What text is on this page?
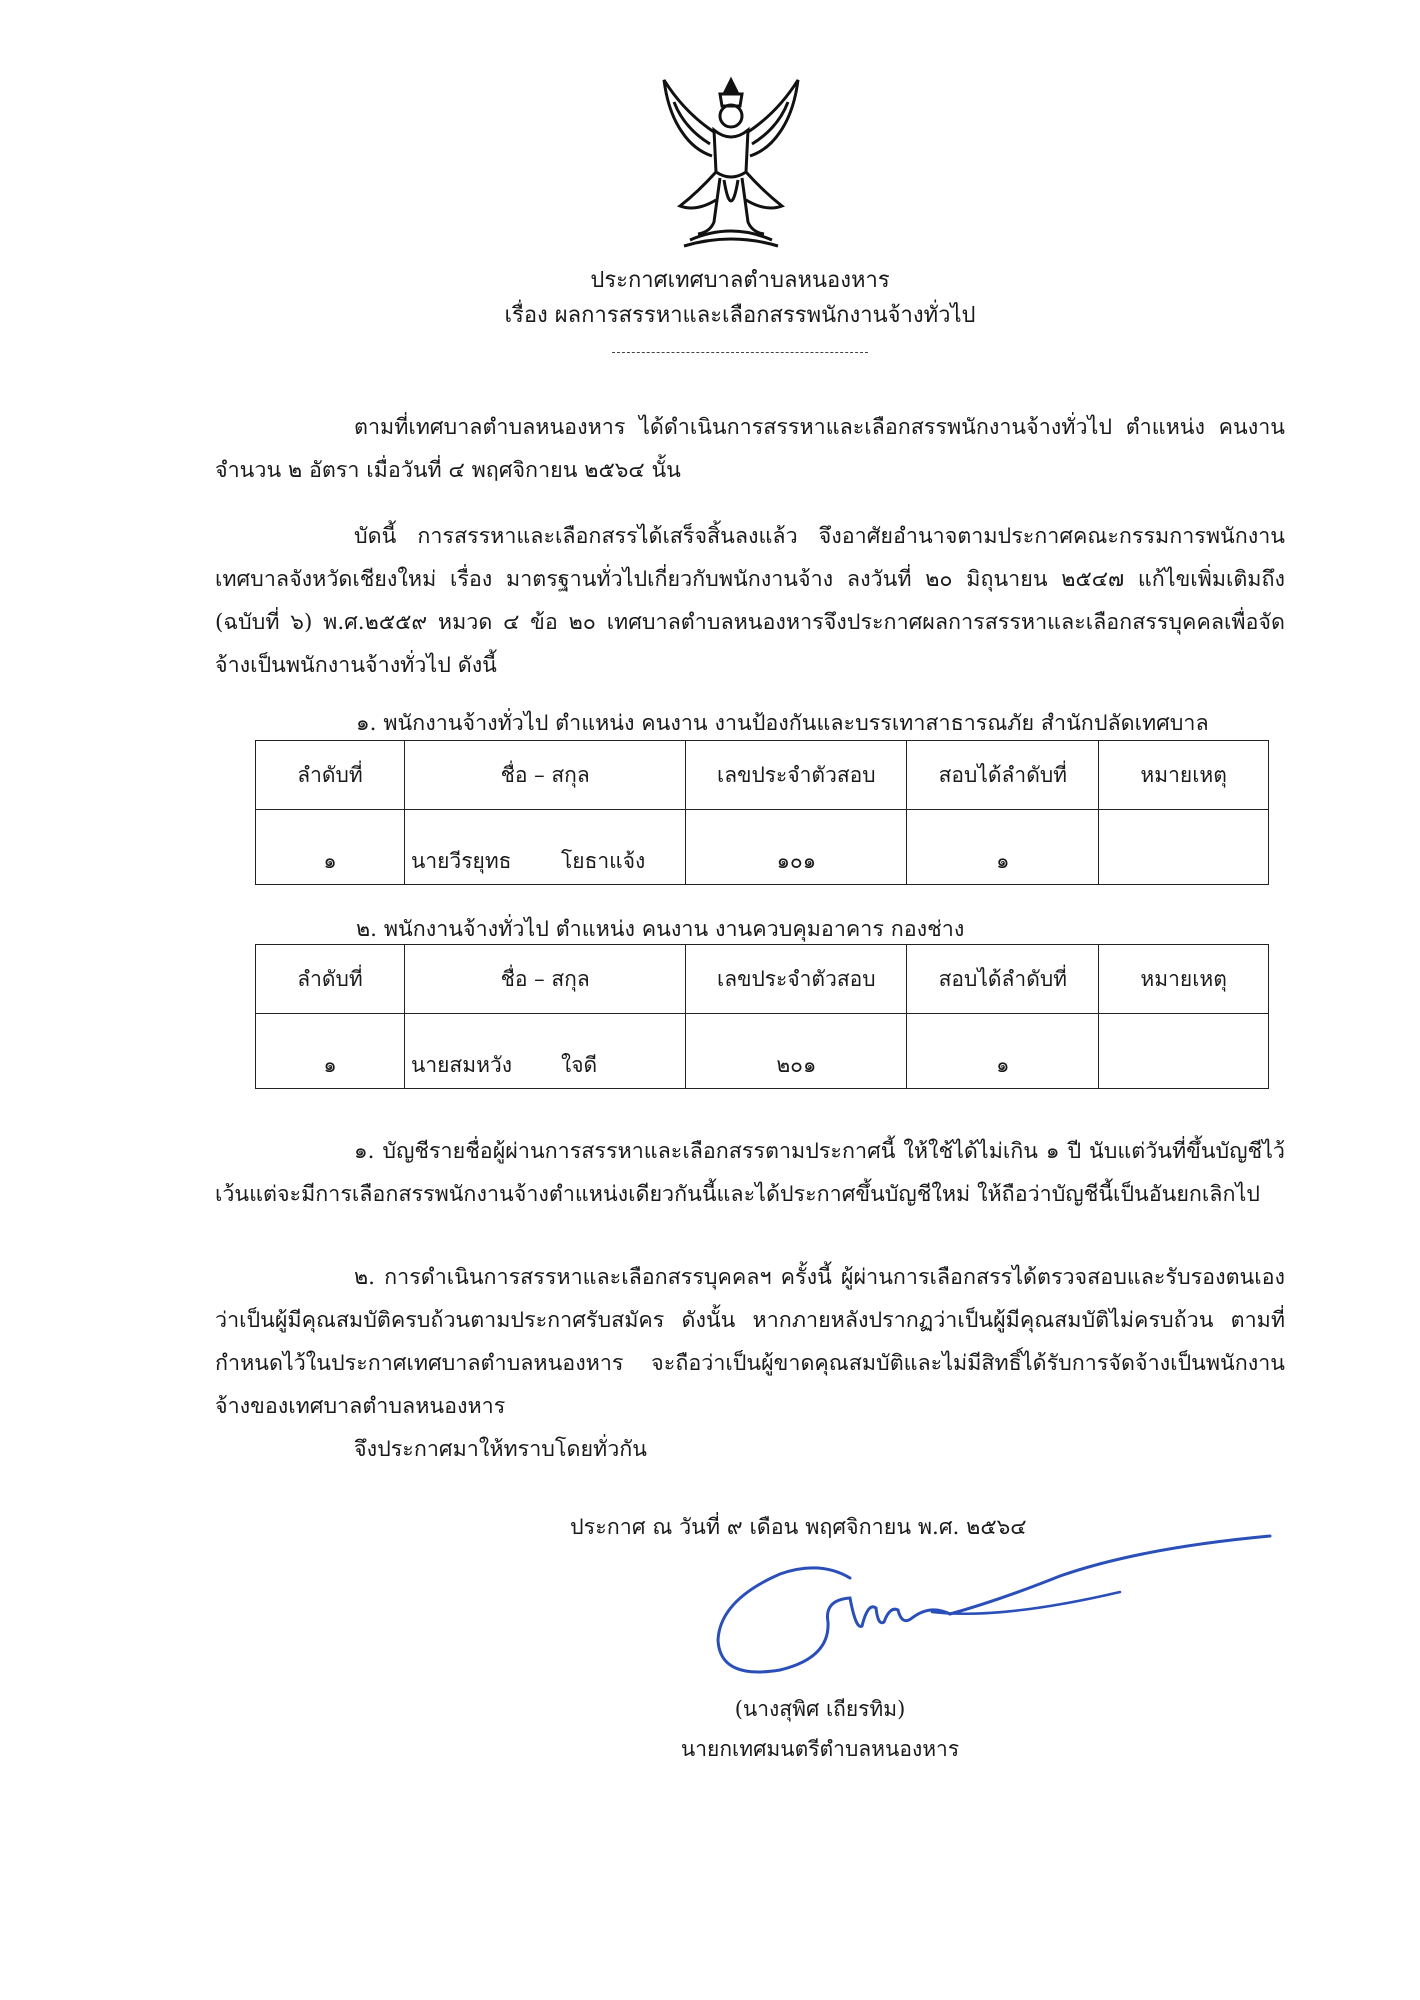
ประกาศเทศบาลตำบลหนองหาร
เรื่อง ผลการสรรหาและเลือกสรรพนักงานจ้างทั่วไป

ตามที่เทศบาลตำบลหนองหาร ได้ดำเนินการสรรหาและเลือกสรรพนักงานจ้างทั่วไป ตำแหน่ง คนงาน จำนวน ๒ อัตรา เมื่อวันที่ ๔ พฤศจิกายน ๒๕๖๔ นั้น

บัดนี้ การสรรหาและเลือกสรรได้เสร็จสิ้นลงแล้ว จึงอาศัยอำนาจตามประกาศคณะกรรมการพนักงานเทศบาลจังหวัดเชียงใหม่ เรื่อง มาตรฐานทั่วไปเกี่ยวกับพนักงานจ้าง ลงวันที่ ๒๐ มิถุนายน ๒๕๔๗ แก้ไขเพิ่มเติมถึง (ฉบับที่ ๖) พ.ศ.๒๕๕๙ หมวด ๔ ข้อ ๒๐ เทศบาลตำบลหนองหารจึงประกาศผลการสรรหาและเลือกสรรบุคคลเพื่อจัดจ้างเป็นพนักงานจ้างทั่วไป ดังนี้

๑. พนักงานจ้างทั่วไป ตำแหน่ง คนงาน งานป้องกันและบรรเทาสาธารณภัย สำนักปลัดเทศบาล
ลำดับที่	ชื่อ – สกุล	เลขประจำตัวสอบ	สอบได้ลำดับที่	หมายเหตุ
๑	นายวีรยุทธ โยธาแจ้ง	๑๐๑	๑	
๒. พนักงานจ้างทั่วไป ตำแหน่ง คนงาน งานควบคุมอาคาร กองช่าง
ลำดับที่	ชื่อ – สกุล	เลขประจำตัวสอบ	สอบได้ลำดับที่	หมายเหตุ
๑	นายสมหวัง ใจดี	๒๐๑	๑	

๑. บัญชีรายชื่อผู้ผ่านการสรรหาและเลือกสรรตามประกาศนี้ ให้ใช้ได้ไม่เกิน ๑ ปี นับแต่วันที่ขึ้นบัญชีไว้ เว้นแต่จะมีการเลือกสรรพนักงานจ้างตำแหน่งเดียวกันนี้และได้ประกาศขึ้นบัญชีใหม่ ให้ถือว่าบัญชีนี้เป็นอันยกเลิกไป

๒. การดำเนินการสรรหาและเลือกสรรบุคคลฯ ครั้งนี้ ผู้ผ่านการเลือกสรรได้ตรวจสอบและรับรองตนเองว่าเป็นผู้มีคุณสมบัติครบถ้วนตามประกาศรับสมัคร ดังนั้น หากภายหลังปรากฏว่าเป็นผู้มีคุณสมบัติไม่ครบถ้วน ตามที่กำหนดไว้ในประกาศเทศบาลตำบลหนองหาร จะถือว่าเป็นผู้ขาดคุณสมบัติและไม่มีสิทธิ์ได้รับการจัดจ้างเป็นพนักงานจ้างของเทศบาลตำบลหนองหาร

จึงประกาศมาให้ทราบโดยทั่วกัน

ประกาศ ณ วันที่ ๙ เดือน พฤศจิกายน พ.ศ. ๒๕๖๔
(นางสุพิศ เถียรทิม)
นายกเทศมนตรีตำบลหนองหาร
